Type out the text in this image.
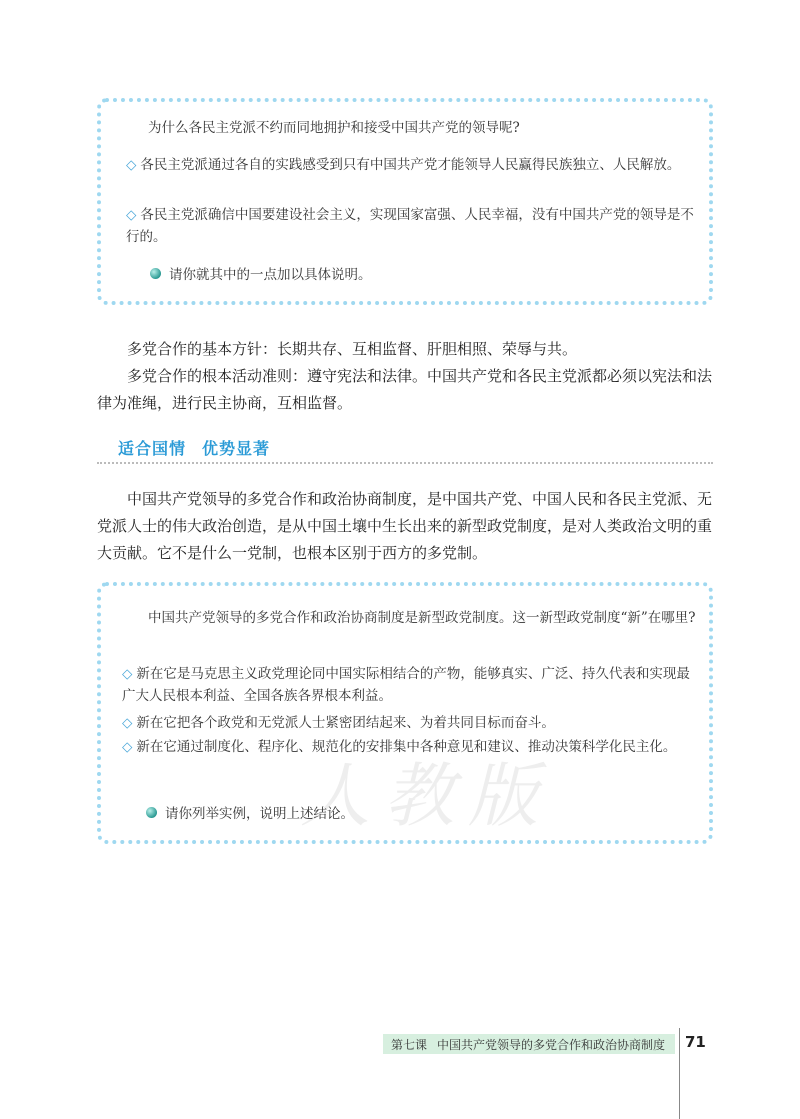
为什么各民主党派不约而同地拥护和接受中国共产党的领导呢?
◇ 各民主党派通过各自的实践感受到只有中国共产党才能领导人民赢得民族独立、人民解放。
◇ 各民主党派确信中国要建设社会主义，实现国家富强、人民幸福，没有中国共产党的领导是不行的。
请你就其中的一点加以具体说明。
多党合作的基本方针：长期共存、互相监督、肝胆相照、荣辱与共。
多党合作的根本活动准则：遵守宪法和法律。中国共产党和各民主党派都必须以宪法和法律为准绳，进行民主协商，互相监督。
适合国情 优势显著
中国共产党领导的多党合作和政治协商制度，是中国共产党、中国人民和各民主党派、无党派人士的伟大政治创造，是从中国土壤中生长出来的新型政党制度，是对人类政治文明的重大贡献。它不是什么一党制，也根本区别于西方的多党制。
人教版
中国共产党领导的多党合作和政治协商制度是新型政党制度。这一新型政党制度“新”在哪里?
◇ 新在它是马克思主义政党理论同中国实际相结合的产物，能够真实、广泛、持久代表和实现最广大人民根本利益、全国各族各界根本利益。
◇ 新在它把各个政党和无党派人士紧密团结起来、为着共同目标而奋斗。
◇ 新在它通过制度化、程序化、规范化的安排集中各种意见和建议、推动决策科学化民主化。
请你列举实例，说明上述结论。
第七课 中国共产党领导的多党合作和政治协商制度 71
